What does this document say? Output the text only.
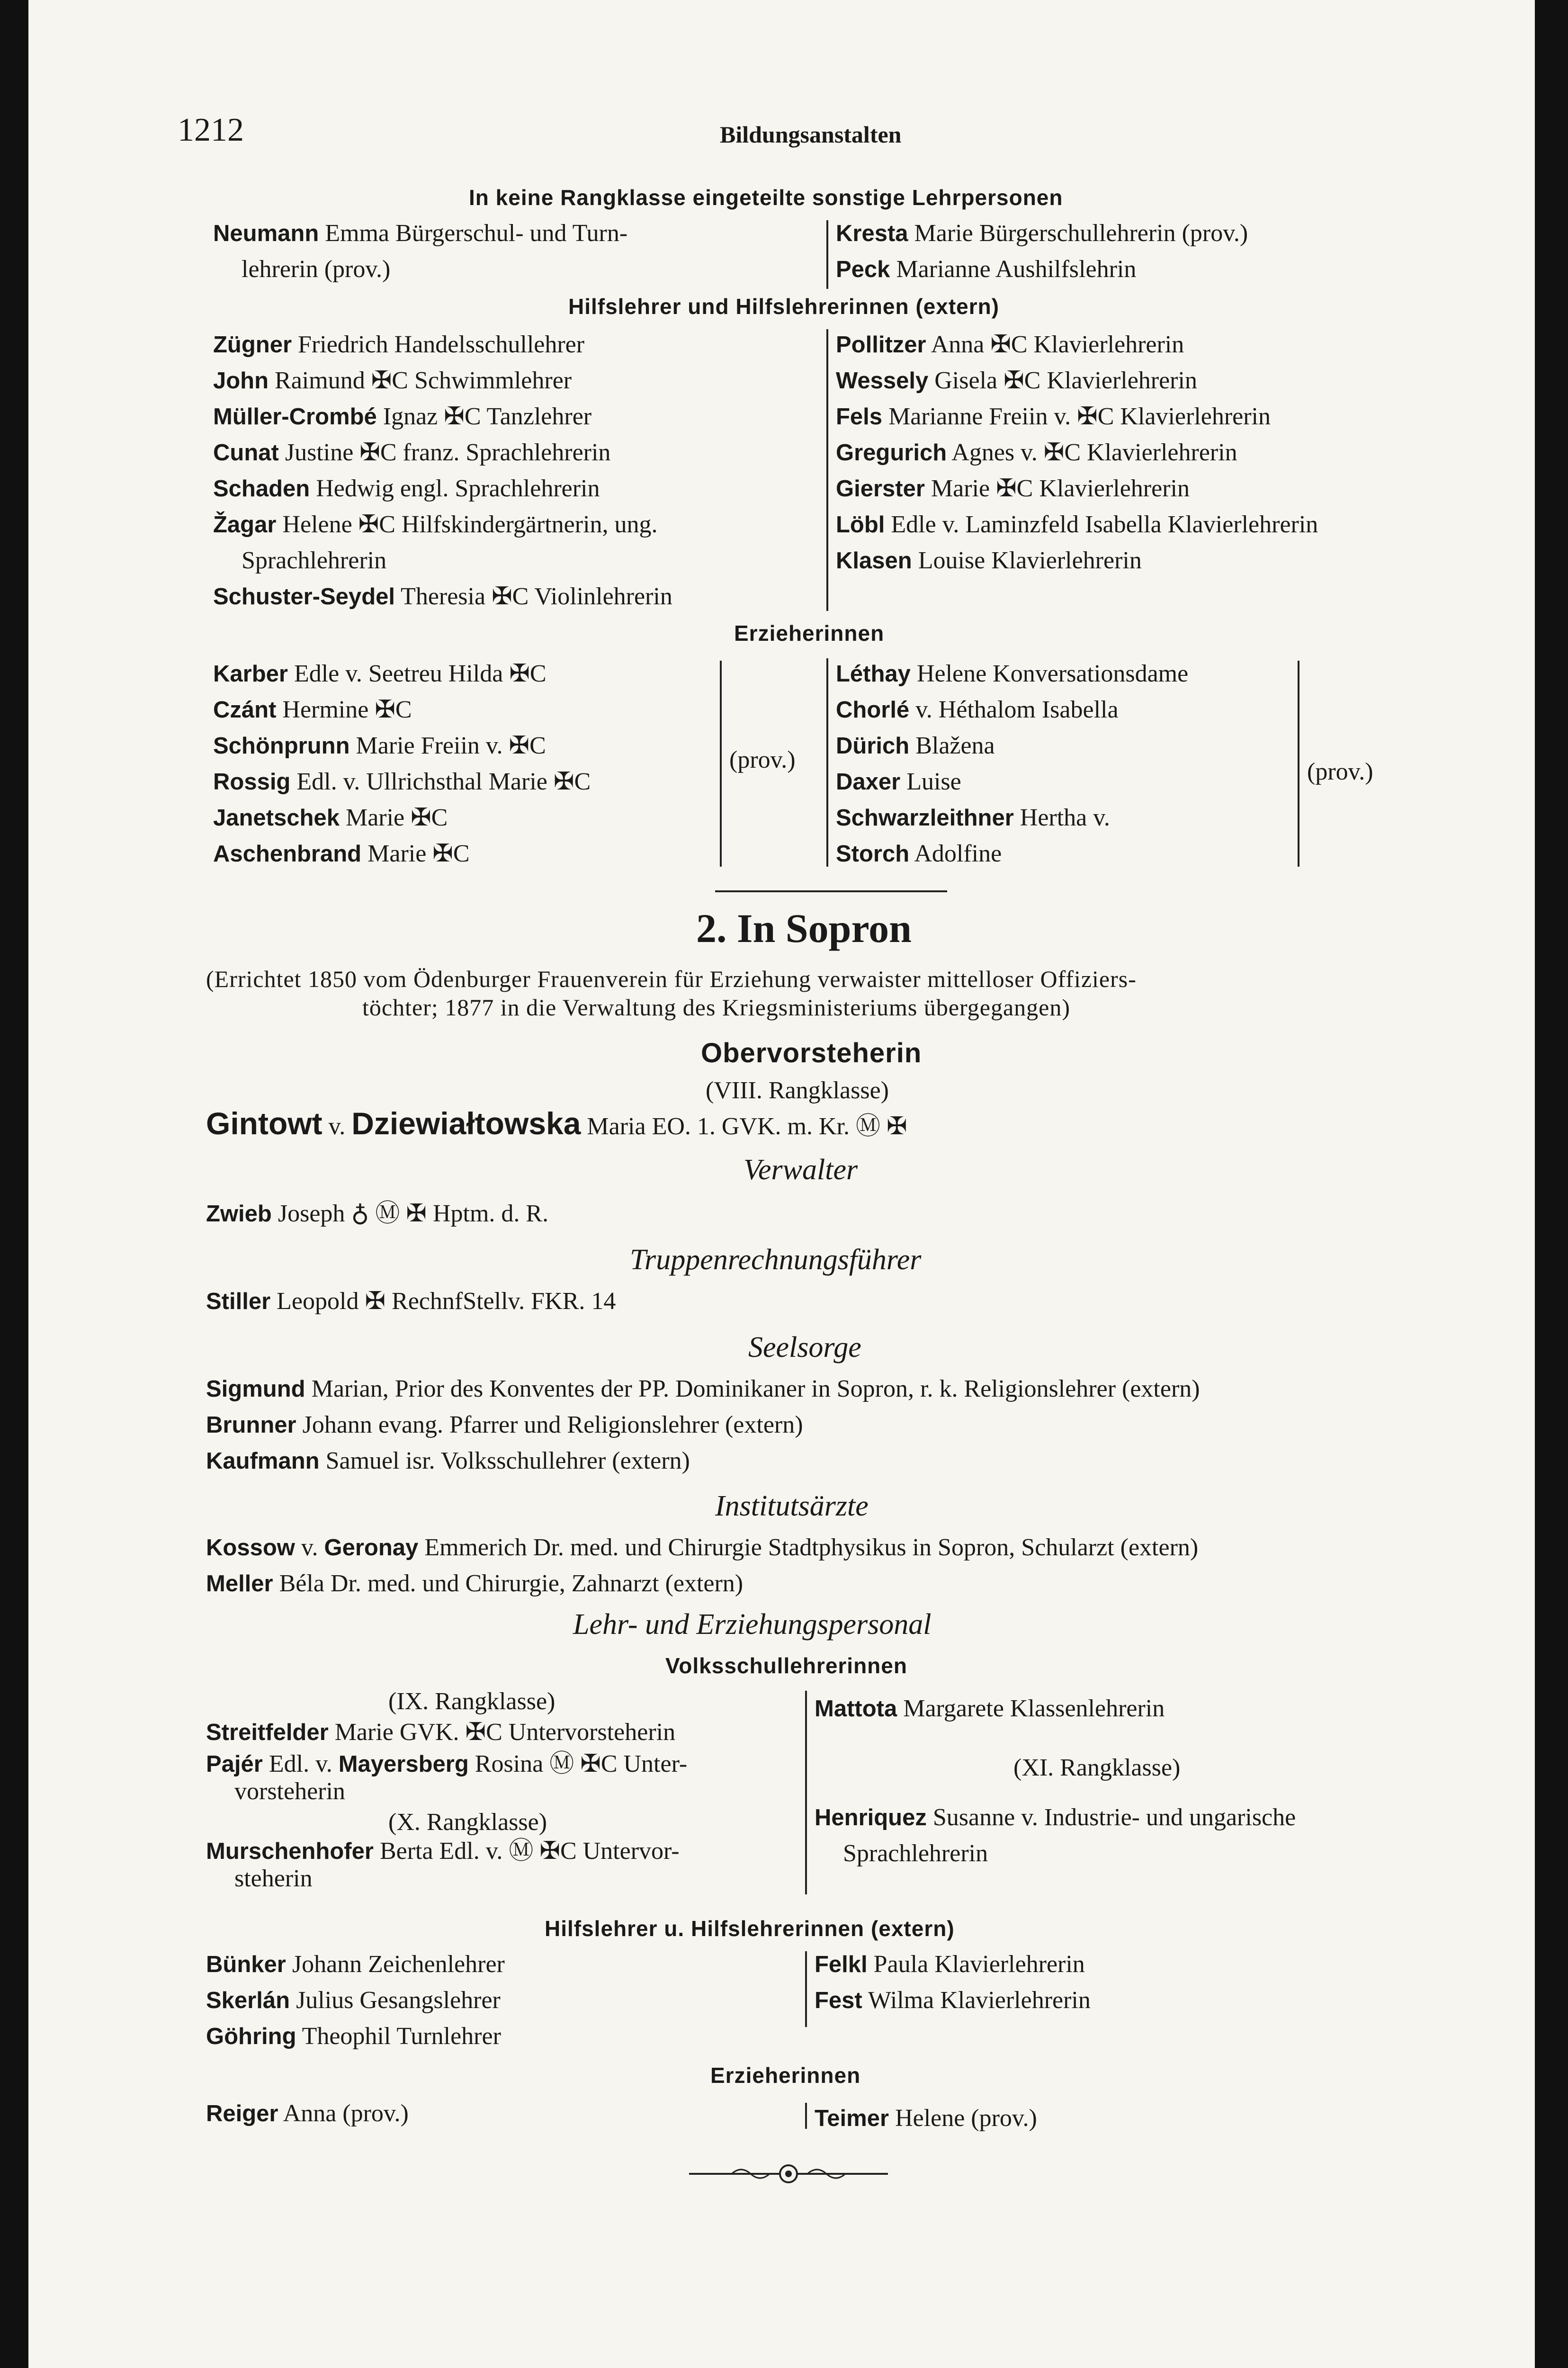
1212	Bildungsanstalten
In keine Rangklasse eingeteilte sonstige Lehrpersonen
Neumann Emma Bürgerschul- und Turn-
lehrerin (prov.)
Kresta Marie Bürgerschullehrerin (prov.)
Peck Marianne Aushilfslehrin
Hilfslehrer und Hilfslehrerinnen (extern)
Zügner Friedrich Handelsschullehrer
John Raimund ✠C Schwimmlehrer
Müller-Crombé Ignaz ✠C Tanzlehrer
Cunat Justine ✠C franz. Sprachlehrerin
Schaden Hedwig engl. Sprachlehrerin
Žagar Helene ✠C Hilfskindergärtnerin, ung.
Sprachlehrerin
Schuster-Seydel Theresia ✠C Violinlehrerin
Pollitzer Anna ✠C Klavierlehrerin
Wessely Gisela ✠C Klavierlehrerin
Fels Marianne Freiin v. ✠C Klavierlehrerin
Gregurich Agnes v. ✠C Klavierlehrerin
Gierster Marie ✠C Klavierlehrerin
Löbl Edle v. Laminzfeld Isabella Klavierlehrerin
Klasen Louise Klavierlehrerin
Erzieherinnen
Karber Edle v. Seetreu Hilda ✠C
Czánt Hermine ✠C
Schönprunn Marie Freiin v. ✠C
Rossig Edl. v. Ullrichsthal Marie ✠C
Janetschek Marie ✠C
Aschenbrand Marie ✠C
(prov.)
Léthay Helene Konversationsdame
Chorlé v. Héthalom Isabella
Dürich Blažena
Daxer Luise
Schwarzleithner Hertha v.
Storch Adolfine
(prov.)
2. In Sopron
(Errichtet 1850 vom Ödenburger Frauenverein für Erziehung verwaister mittelloser Offiziers-
töchter; 1877 in die Verwaltung des Kriegsministeriums übergegangen)
Obervorsteherin
(VIII. Rangklasse)
Gintowt v. Dziewiałtowska Maria EO. 1. GVK. m. Kr. Ⓜ ✠
Verwalter
Zwieb Joseph ♁ Ⓜ ✠ Hptm. d. R.
Truppenrechnungsführer
Stiller Leopold ✠ RechnfStellv. FKR. 14
Seelsorge
Sigmund Marian, Prior des Konventes der PP. Dominikaner in Sopron, r. k. Religionslehrer (extern)
Brunner Johann evang. Pfarrer und Religionslehrer (extern)
Kaufmann Samuel isr. Volksschullehrer (extern)
Institutsärzte
Kossow v. Geronay Emmerich Dr. med. und Chirurgie Stadtphysikus in Sopron, Schularzt (extern)
Meller Béla Dr. med. und Chirurgie, Zahnarzt (extern)
Lehr- und Erziehungspersonal
Volksschullehrerinnen
(IX. Rangklasse)
Streitfelder Marie GVK. ✠C Untervorsteherin
Pajér Edl. v. Mayersberg Rosina Ⓜ ✠C Unter-
vorsteherin
(X. Rangklasse)
Murschenhofer Berta Edl. v. Ⓜ ✠C Untervor-
steherin
Mattota Margarete Klassenlehrerin
(XI. Rangklasse)
Henriquez Susanne v. Industrie- und ungarische
Sprachlehrerin
Hilfslehrer u. Hilfslehrerinnen (extern)
Bünker Johann Zeichenlehrer
Skerlán Julius Gesangslehrer
Göhring Theophil Turnlehrer
Felkl Paula Klavierlehrerin
Fest Wilma Klavierlehrerin
Erzieherinnen
Reiger Anna (prov.)	Teimer Helene (prov.)
